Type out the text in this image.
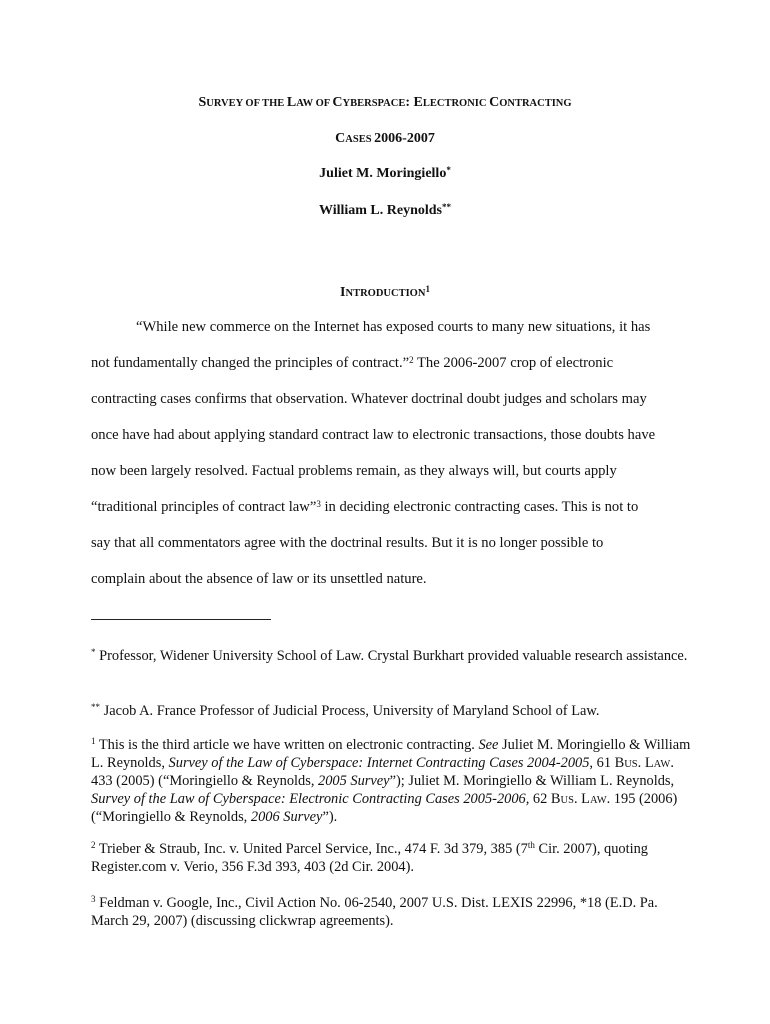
SURVEY OF THE LAW OF CYBERSPACE: ELECTRONIC CONTRACTING
CASES 2006-2007
Juliet M. Moringiello*
William L. Reynolds**
INTRODUCTION$^1$
“While new commerce on the Internet has exposed courts to many new situations, it has
not fundamentally changed the principles of contract.”$^2$ The 2006-2007 crop of electronic
contracting cases confirms that observation. Whatever doctrinal doubt judges and scholars may
once have had about applying standard contract law to electronic transactions, those doubts have
now been largely resolved. Factual problems remain, as they always will, but courts apply
“traditional principles of contract law”$^3$ in deciding electronic contracting cases. This is not to
say that all commentators agree with the doctrinal results. But it is no longer possible to
complain about the absence of law or its unsettled nature.
* Professor, Widener University School of Law. Crystal Burkhart provided valuable research assistance.
** Jacob A. France Professor of Judicial Process, University of Maryland School of Law.
$^1$ This is the third article we have written on electronic contracting. See Juliet M. Moringiello & William L. Reynolds, Survey of the Law of Cyberspace: Internet Contracting Cases 2004-2005, 61 BUS. LAW. 433 (2005) (“Moringiello & Reynolds, 2005 Survey”); Juliet M. Moringiello & William L. Reynolds, Survey of the Law of Cyberspace: Electronic Contracting Cases 2005-2006, 62 BUS. LAW. 195 (2006) (“Moringiello & Reynolds, 2006 Survey”).
$^2$ Trieber & Straub, Inc. v. United Parcel Service, Inc., 474 F. 3d 379, 385 (7th Cir. 2007), quoting Register.com v. Verio, 356 F.3d 393, 403 (2d Cir. 2004).
$^3$ Feldman v. Google, Inc., Civil Action No. 06-2540, 2007 U.S. Dist. LEXIS 22996, *18 (E.D. Pa. March 29, 2007) (discussing clickwrap agreements).
